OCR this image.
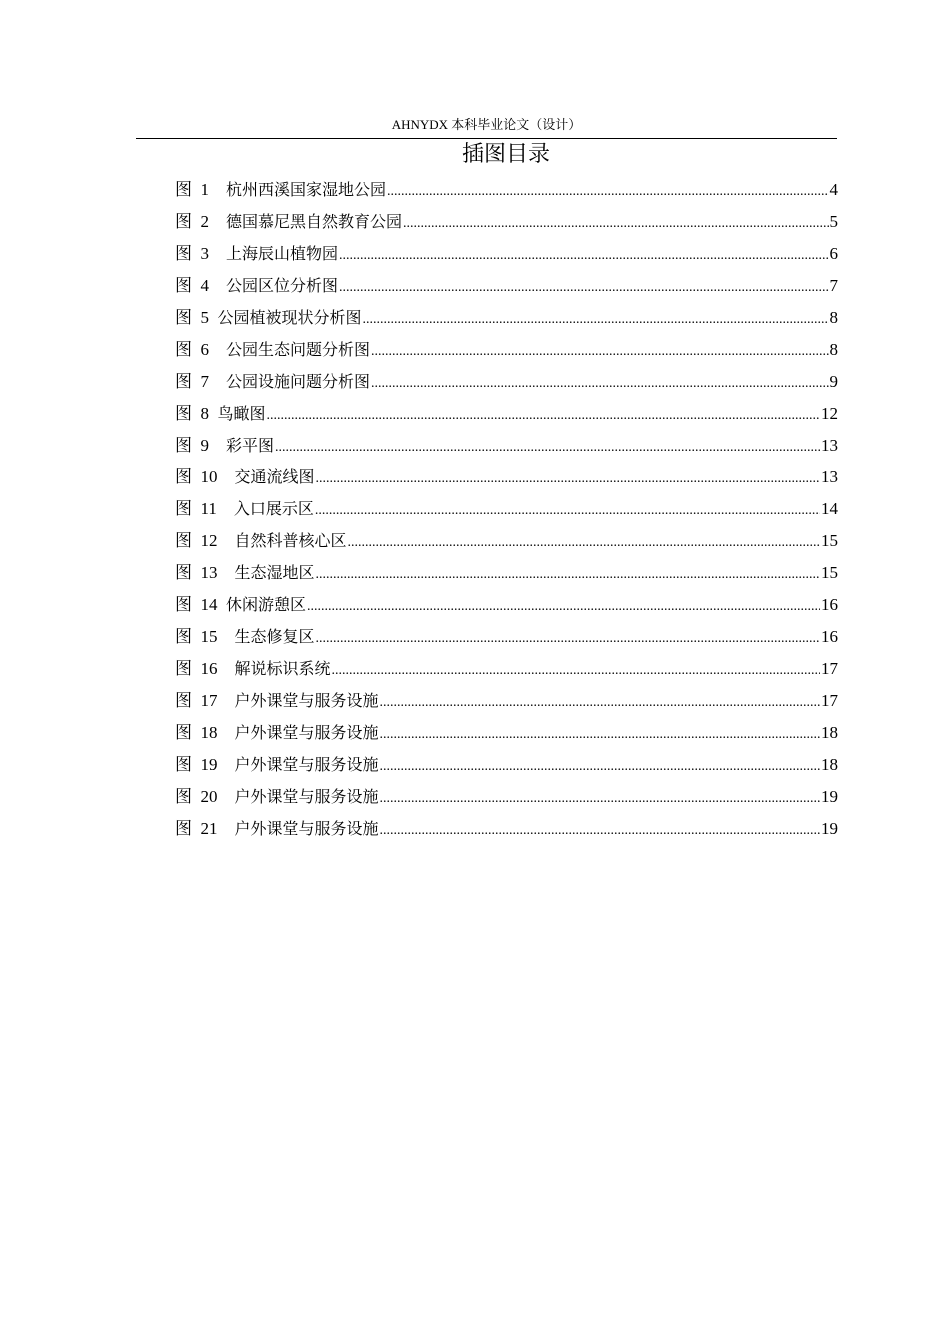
AHNYDX 本科毕业论文（设计）
插图目录
图  1 杭州西溪国家湿地公园 .....	4
图  2 德国慕尼黑自然教育公园 .....	5
图  3 上海辰山植物园 .....	6
图  4 公园区位分析图 .....	7
图  5 公园植被现状分析图 .....	8
图  6 公园生态问题分析图 .....	8
图  7 公园设施问题分析图 .....	9
图  8 鸟瞰图 .....	12
图  9 彩平图 .....	13
图  10 交通流线图 .....	13
图  11 入口展示区 .....	14
图  12 自然科普核心区 .....	15
图  13 生态湿地区 .....	15
图  14 休闲游憩区 .....	16
图  15 生态修复区 .....	16
图  16 解说标识系统 .....	17
图  17 户外课堂与服务设施 .....	17
图  18 户外课堂与服务设施 .....	18
图  19 户外课堂与服务设施 .....	18
图  20 户外课堂与服务设施 .....	19
图  21 户外课堂与服务设施 .....	19
